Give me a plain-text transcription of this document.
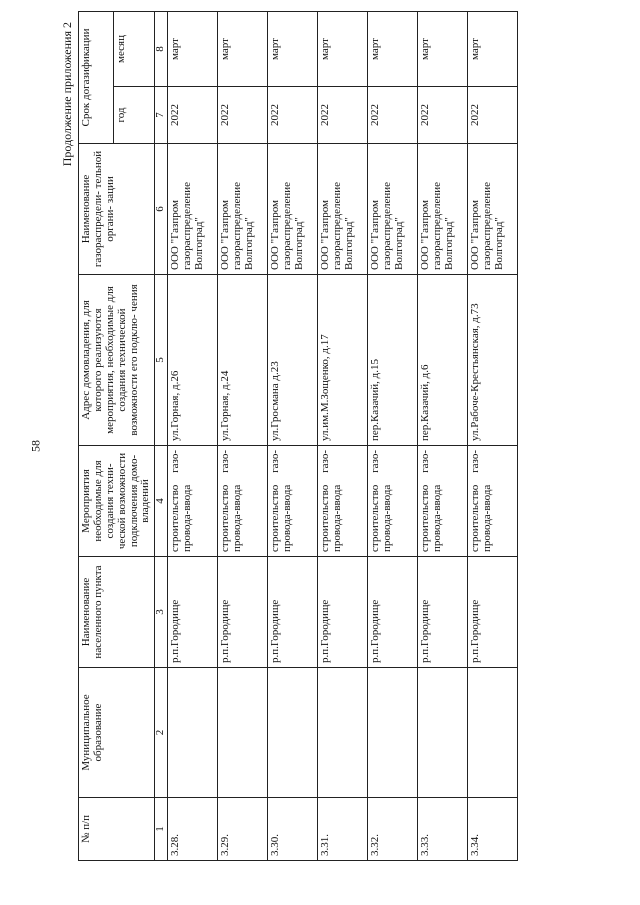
58
Продолжение приложения 2
№ п/п	Муниципальное образование	Наименование населенного пункта	Мероприятия необходимые для создания техни- ческой возможности подключения домо- владений	Адрес домовладения, для которого реализуются мероприятия, необходимые для создания технической возможности его подклю- чения	Наименование газораспредели- тельной органи- зации	Срок догазификации	
						год	месяц
1	2	3	4	5	6	7	8
3.28.		р.п.Городище	строительство газо- провода-ввода	ул.Горная, д.26	ООО "Газпром газораспределение Волгоград"	2022	март
3.29.		р.п.Городище	строительство газо- провода-ввода	ул.Горная, д.24	ООО "Газпром газораспределение Волгоград"	2022	март
3.30.		р.п.Городище	строительство газо- провода-ввода	ул.Гросмана д.23	ООО "Газпром газораспределение Волгоград"	2022	март
3.31.		р.п.Городище	строительство газо- провода-ввода	ул.им.М.Зощенко, д.17	ООО "Газпром газораспределение Волгоград"	2022	март
3.32.		р.п.Городище	строительство газо- провода-ввода	пер.Казачий, д.15	ООО "Газпром газораспределение Волгоград"	2022	март
3.33.		р.п.Городище	строительство газо- провода-ввода	пер.Казачий, д.6	ООО "Газпром газораспределение Волгоград"	2022	март
3.34.		р.п.Городище	строительство газо- провода-ввода	ул.Рабоче-Крестьянская, д.73	ООО "Газпром газораспределение Волгоград"	2022	март
